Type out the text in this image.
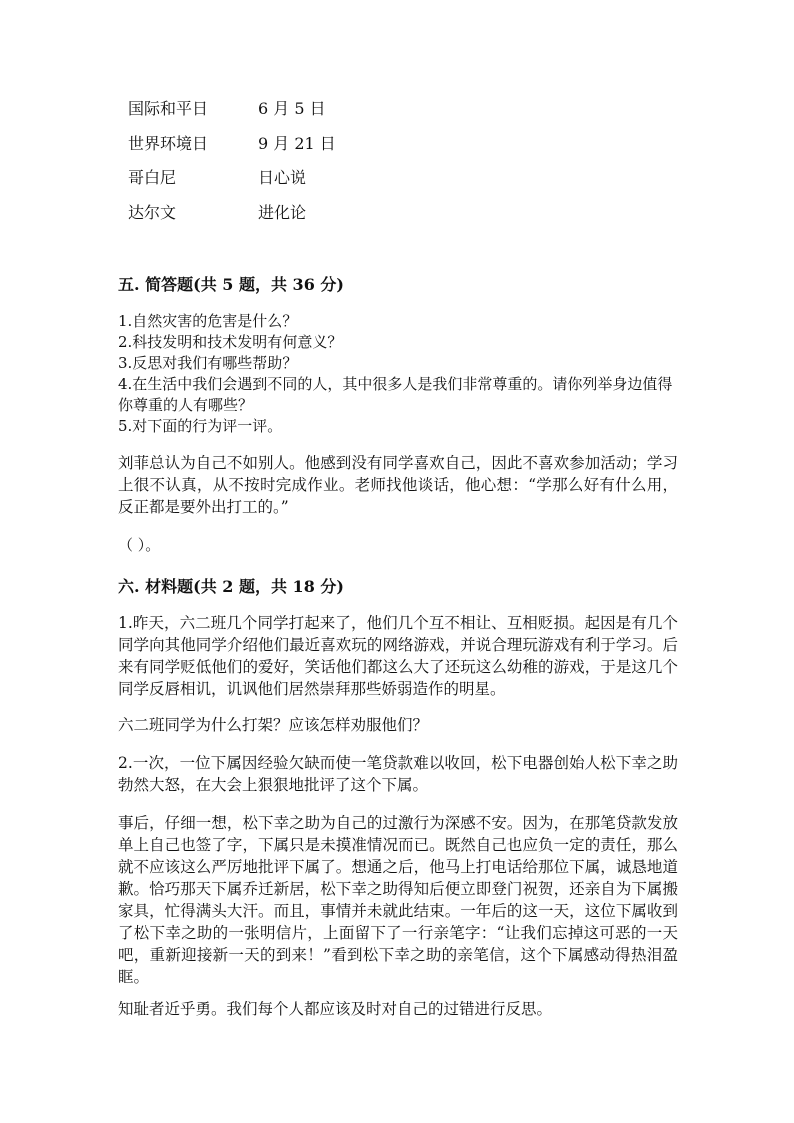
国际和平日	6 月 5 日
世界环境日	9 月 21 日
哥白尼	日心说
达尔文	进化论
五. 简答题(共 5 题，共 36 分)

1.自然灾害的危害是什么？

2.科技发明和技术发明有何意义？

3.反思对我们有哪些帮助？

4.在生活中我们会遇到不同的人，其中很多人是我们非常尊重的。请你列举身边值得你尊重的人有哪些？

5.对下面的行为评一评。

刘菲总认为自己不如别人。他感到没有同学喜欢自己，因此不喜欢参加活动；学习上很不认真，从不按时完成作业。老师找他谈话，他心想：“学那么好有什么用，反正都是要外出打工的。”

（ ）。
六. 材料题(共 2 题，共 18 分)

1.昨天，六二班几个同学打起来了，他们几个互不相让、互相贬损。起因是有几个同学向其他同学介绍他们最近喜欢玩的网络游戏，并说合理玩游戏有利于学习。后来有同学贬低他们的爱好，笑话他们都这么大了还玩这么幼稚的游戏，于是这几个同学反唇相讥，讥讽他们居然崇拜那些娇弱造作的明星。

六二班同学为什么打架？应该怎样劝服他们？

2.一次，一位下属因经验欠缺而使一笔贷款难以收回，松下电器创始人松下幸之助勃然大怒，在大会上狠狠地批评了这个下属。

事后，仔细一想，松下幸之助为自己的过激行为深感不安。因为，在那笔贷款发放单上自己也签了字，下属只是未摸准情况而已。既然自己也应负一定的责任，那么就不应该这么严厉地批评下属了。想通之后，他马上打电话给那位下属，诚恳地道歉。恰巧那天下属乔迁新居，松下幸之助得知后便立即登门祝贺，还亲自为下属搬家具，忙得满头大汗。而且，事情并未就此结束。一年后的这一天，这位下属收到了松下幸之助的一张明信片，上面留下了一行亲笔字：“让我们忘掉这可恶的一天吧，重新迎接新一天的到来！”看到松下幸之助的亲笔信，这个下属感动得热泪盈眶。

知耻者近乎勇。我们每个人都应该及时对自己的过错进行反思。
